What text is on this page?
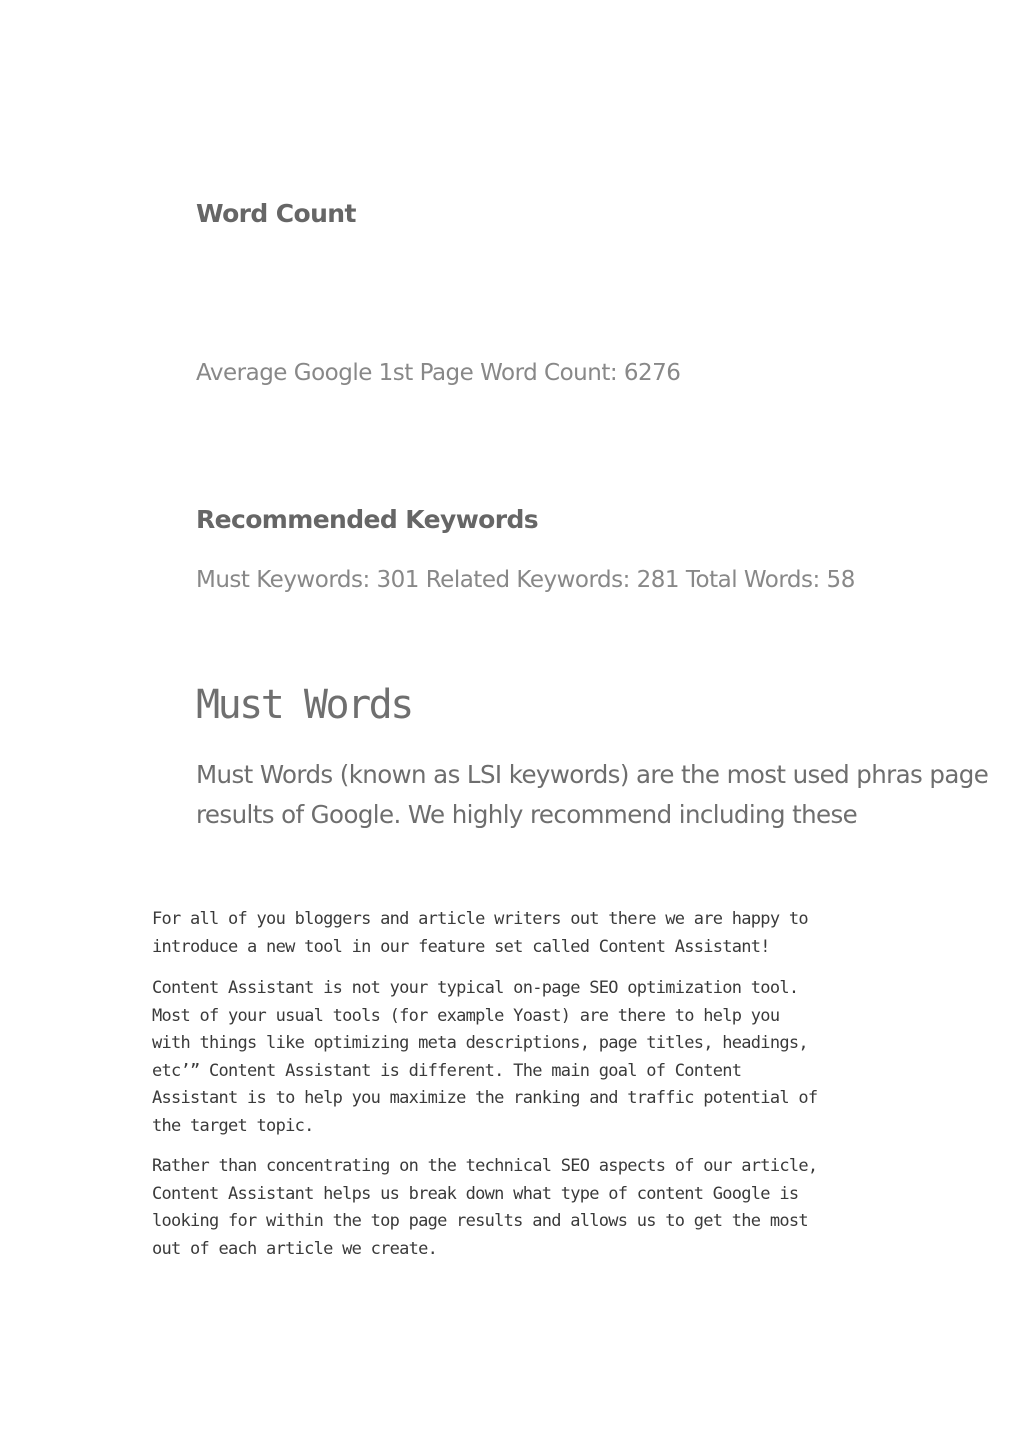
Word Count

Average Google 1st Page Word Count: 6276

Recommended Keywords

Must Keywords: 301 Related Keywords: 281 Total Words: 58

Must Words

Must Words (known as LSI keywords) are the most used phras page
results of Google. We highly recommend including these

For all of you bloggers and article writers out there we are happy to
introduce a new tool in our feature set called Content Assistant!

Content Assistant is not your typical on-page SEO optimization tool.
Most of your usual tools (for example Yoast) are there to help you
with things like optimizing meta descriptions, page titles, headings,
etc’” Content Assistant is different. The main goal of Content
Assistant is to help you maximize the ranking and traffic potential of
the target topic.

Rather than concentrating on the technical SEO aspects of our article,
Content Assistant helps us break down what type of content Google is
looking for within the top page results and allows us to get the most
out of each article we create.
